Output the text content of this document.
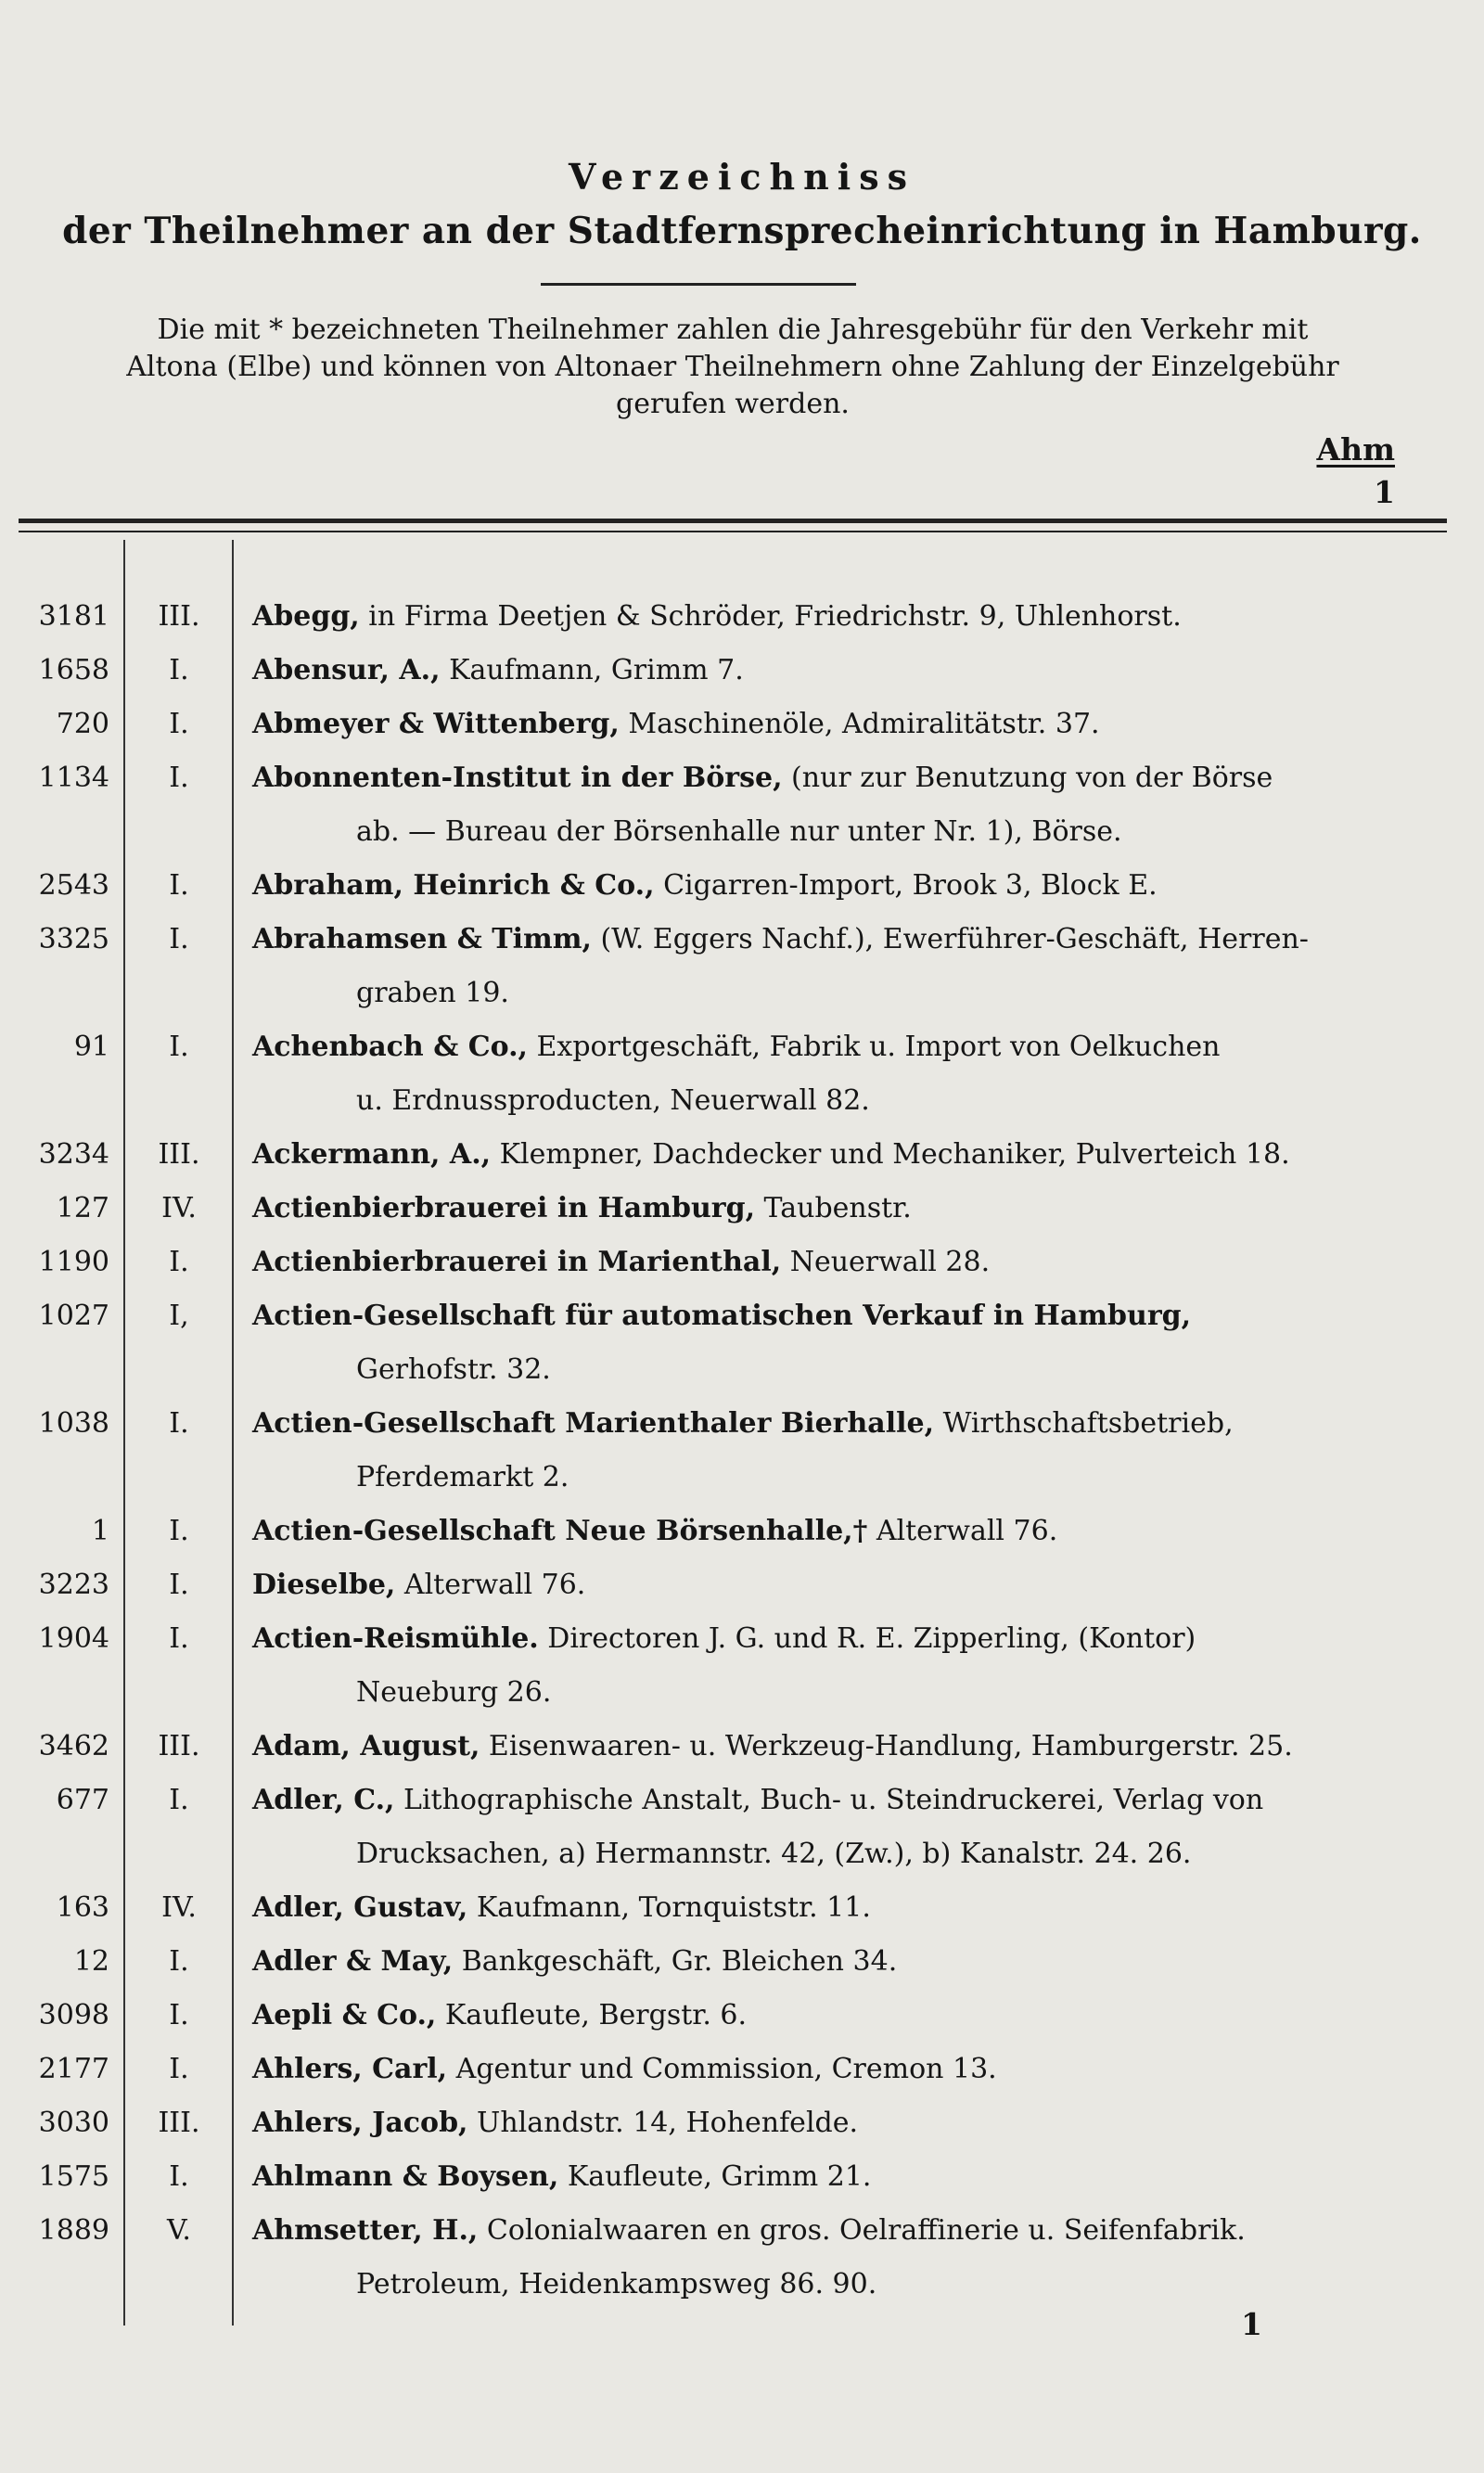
Verzeichniss
der Theilnehmer an der Stadtfernsprecheinrichtung in Hamburg.
Die mit * bezeichneten Theilnehmer zahlen die Jahresgebühr für den Verkehr mit
Altona (Elbe) und können von Altonaer Theilnehmern ohne Zahlung der Einzelgebühr
gerufen werden.
Ahm
1
3181	III.	Abegg, in Firma Deetjen & Schröder, Friedrichstr. 9, Uhlenhorst.
1658	I.	Abensur, A., Kaufmann, Grimm 7.
720	I.	Abmeyer & Wittenberg, Maschinenöle, Admiralitätstr. 37.
1134	I.	Abonnenten-Institut in der Börse, (nur zur Benutzung von der Börse
ab. — Bureau der Börsenhalle nur unter Nr. 1), Börse.
2543	I.	Abraham, Heinrich & Co., Cigarren-Import, Brook 3, Block E.
3325	I.	Abrahamsen & Timm, (W. Eggers Nachf.), Ewerführer-Geschäft, Herren-
graben 19.
91	I.	Achenbach & Co., Exportgeschäft, Fabrik u. Import von Oelkuchen
u. Erdnussproducten, Neuerwall 82.
3234	III.	Ackermann, A., Klempner, Dachdecker und Mechaniker, Pulverteich 18.
127	IV.	Actienbierbrauerei in Hamburg, Taubenstr.
1190	I.	Actienbierbrauerei in Marienthal, Neuerwall 28.
1027	I,	Actien-Gesellschaft für automatischen Verkauf in Hamburg,
Gerhofstr. 32.
1038	I.	Actien-Gesellschaft Marienthaler Bierhalle, Wirthschaftsbetrieb,
Pferdemarkt 2.
1	I.	Actien-Gesellschaft Neue Börsenhalle,† Alterwall 76.
3223	I.	Dieselbe, Alterwall 76.
1904	I.	Actien-Reismühle. Directoren J. G. und R. E. Zipperling, (Kontor)
Neueburg 26.
3462	III.	Adam, August, Eisenwaaren- u. Werkzeug-Handlung, Hamburgerstr. 25.
677	I.	Adler, C., Lithographische Anstalt, Buch- u. Steindruckerei, Verlag von
Drucksachen, a) Hermannstr. 42, (Zw.), b) Kanalstr. 24. 26.
163	IV.	Adler, Gustav, Kaufmann, Tornquiststr. 11.
12	I.	Adler & May, Bankgeschäft, Gr. Bleichen 34.
3098	I.	Aepli & Co., Kaufleute, Bergstr. 6.
2177	I.	Ahlers, Carl, Agentur und Commission, Cremon 13.
3030	III.	Ahlers, Jacob, Uhlandstr. 14, Hohenfelde.
1575	I.	Ahlmann & Boysen, Kaufleute, Grimm 21.
1889	V.	Ahmsetter, H., Colonialwaaren en gros. Oelraffinerie u. Seifenfabrik.
Petroleum, Heidenkampsweg 86. 90.
1
